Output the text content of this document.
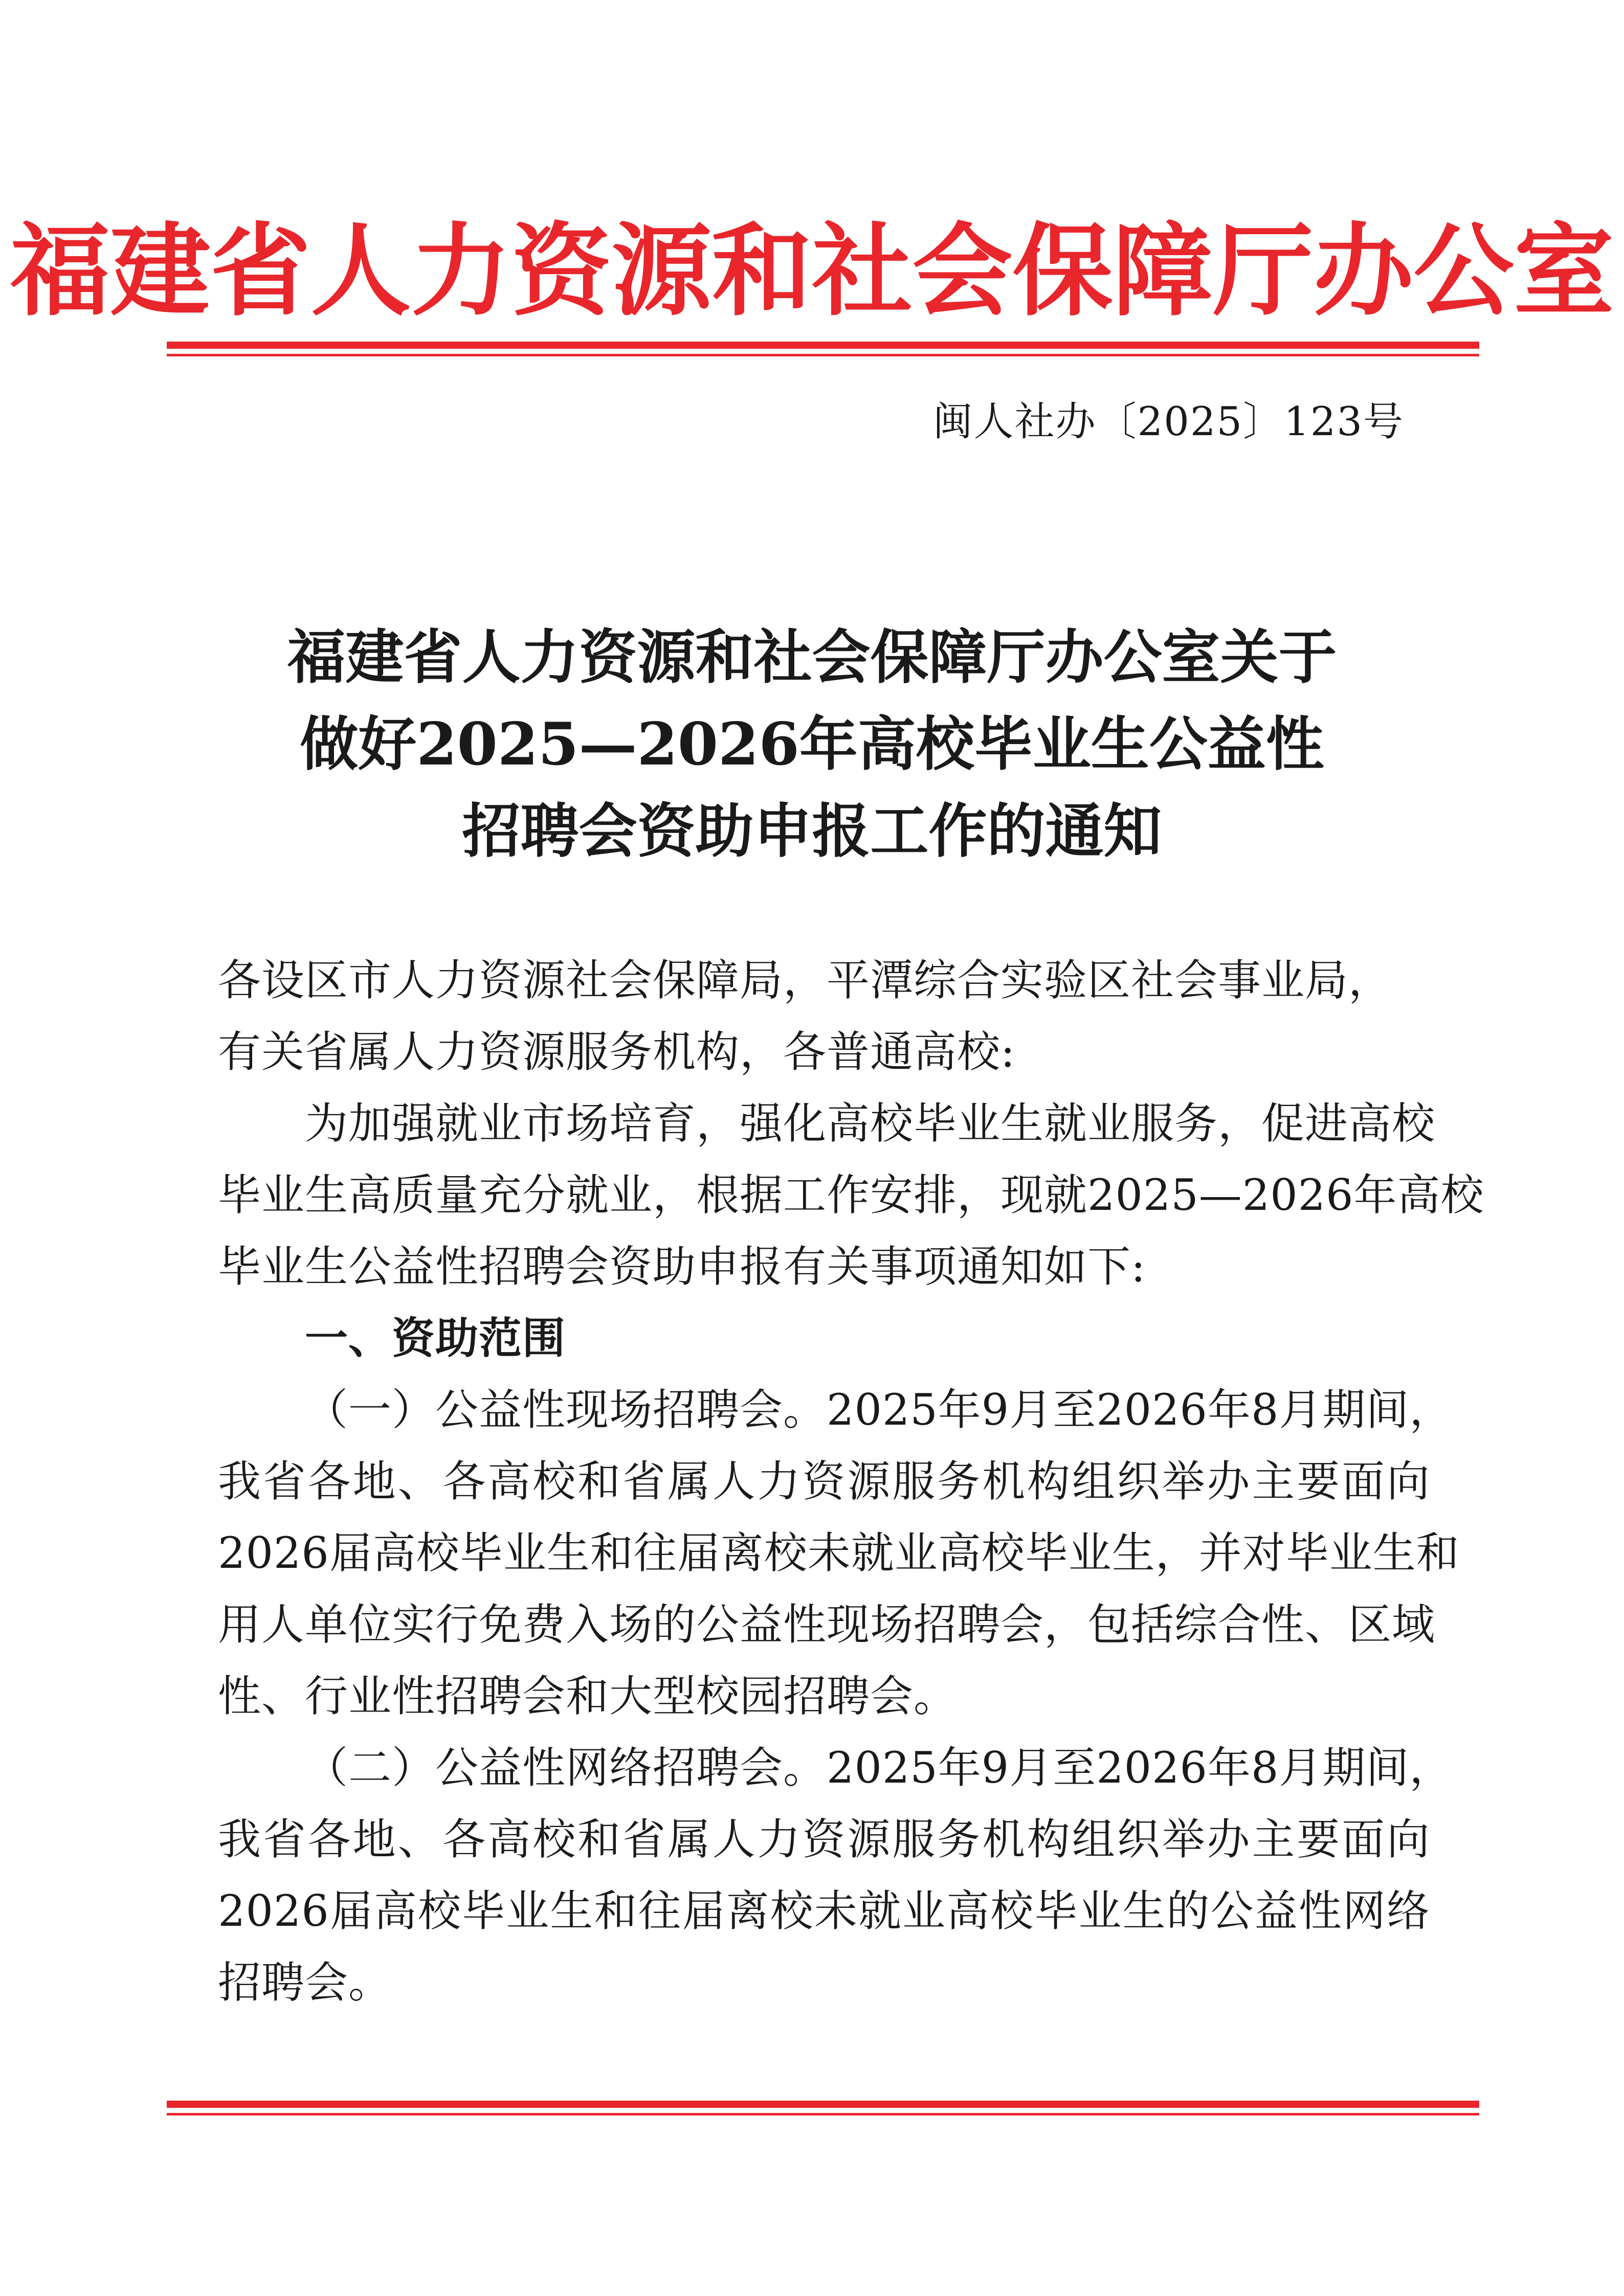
福建省人力资源和社会保障厅办公室
闽人社办〔2025〕123号
福建省人力资源和社会保障厅办公室关于
做好2025—2026年高校毕业生公益性
招聘会资助申报工作的通知
各设区市人力资源社会保障局，平潭综合实验区社会事业局，
有关省属人力资源服务机构，各普通高校:
为加强就业市场培育，强化高校毕业生就业服务，促进高校
毕业生高质量充分就业，根据工作安排，现就2025—2026年高校
毕业生公益性招聘会资助申报有关事项通知如下:
一、资助范围
（一）公益性现场招聘会。2025年9月至2026年8月期间，
我省各地、各高校和省属人力资源服务机构组织举办主要面向
2026届高校毕业生和往届离校未就业高校毕业生，并对毕业生和
用人单位实行免费入场的公益性现场招聘会，包括综合性、区域
性、行业性招聘会和大型校园招聘会。
（二）公益性网络招聘会。2025年9月至2026年8月期间，
我省各地、各高校和省属人力资源服务机构组织举办主要面向
2026届高校毕业生和往届离校未就业高校毕业生的公益性网络
招聘会。
